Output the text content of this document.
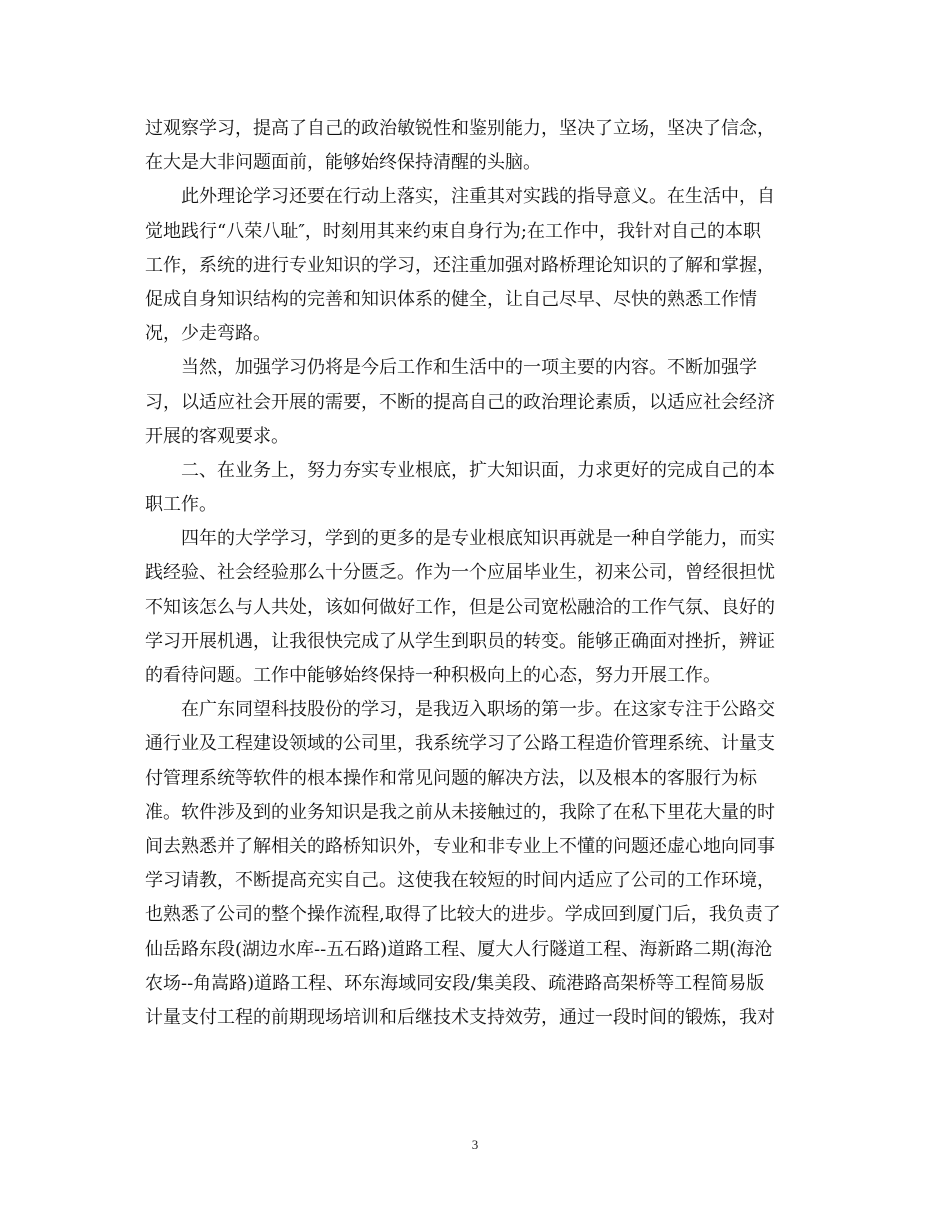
过观察学习，提高了自己的政治敏锐性和鉴别能力，坚决了立场，坚决了信念，
在大是大非问题面前，能够始终保持清醒的头脑。
此外理论学习还要在行动上落实，注重其对实践的指导意义。在生活中，自
觉地践行“八荣八耻″，时刻用其来约束自身行为;在工作中，我针对自己的本职
工作，系统的进行专业知识的学习，还注重加强对路桥理论知识的了解和掌握，
促成自身知识结构的完善和知识体系的健全，让自己尽早、尽快的熟悉工作情
况，少走弯路。
当然，加强学习仍将是今后工作和生活中的一项主要的内容。不断加强学
习，以适应社会开展的需要，不断的提高自己的政治理论素质，以适应社会经济
开展的客观要求。
二、在业务上，努力夯实专业根底，扩大知识面，力求更好的完成自己的本
职工作。
四年的大学学习，学到的更多的是专业根底知识再就是一种自学能力，而实
践经验、社会经验那么十分匮乏。作为一个应届毕业生，初来公司，曾经很担忧
不知该怎么与人共处，该如何做好工作，但是公司宽松融洽的工作气氛、良好的
学习开展机遇，让我很快完成了从学生到职员的转变。能够正确面对挫折，辨证
的看待问题。工作中能够始终保持一种积极向上的心态，努力开展工作。
在广东同望科技股份的学习，是我迈入职场的第一步。在这家专注于公路交
通行业及工程建设领域的公司里，我系统学习了公路工程造价管理系统、计量支
付管理系统等软件的根本操作和常见问题的解决方法，以及根本的客服行为标
准。软件涉及到的业务知识是我之前从未接触过的，我除了在私下里花大量的时
间去熟悉并了解相关的路桥知识外，专业和非专业上不懂的问题还虚心地向同事
学习请教，不断提高充实自己。这使我在较短的时间内适应了公司的工作环境，
也熟悉了公司的整个操作流程,取得了比较大的进步。学成回到厦门后，我负责了
仙岳路东段(湖边水库--五石路)道路工程、厦大人行隧道工程、海新路二期(海沧
农场--角嵩路)道路工程、环东海域同安段/集美段、疏港路高架桥等工程简易版
计量支付工程的前期现场培训和后继技术支持效劳，通过一段时间的锻炼，我对
3
